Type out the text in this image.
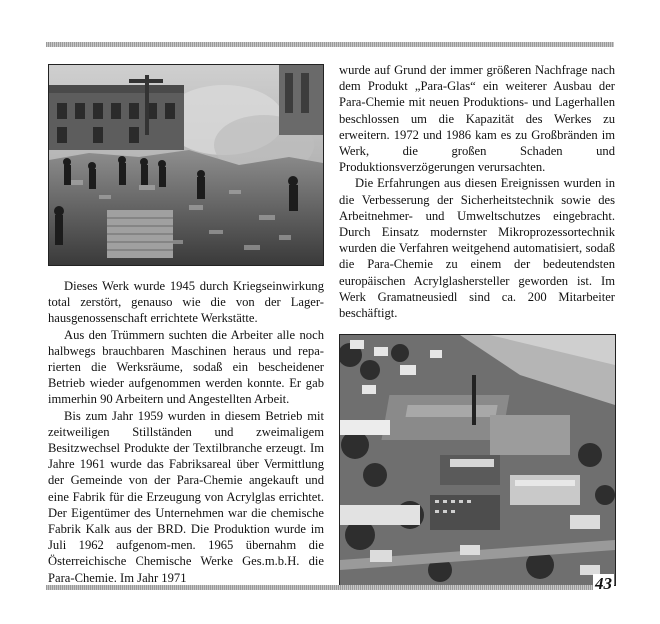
Dieses Werk wurde 1945 durch Kriegseinwirkung total zerstört, genauso wie die von der Lager-hausgenossenschaft errichtete Werkstätte.

Aus den Trümmern suchten die Arbeiter alle noch halbwegs brauchbaren Maschinen heraus und repa-rierten die Werksräume, sodaß ein bescheidener Betrieb wieder aufgenommen werden konnte. Er gab immerhin 90 Arbeitern und Angestellten Arbeit.

Bis zum Jahr 1959 wurden in diesem Betrieb mit zeitweiligen Stillständen und zweimaligem Besitzwechsel Produkte der Textilbranche erzeugt. Im Jahre 1961 wurde das Fabriksareal über Vermittlung der Gemeinde von der Para-Chemie angekauft und eine Fabrik für die Erzeugung von Acrylglas errichtet. Der Eigentümer des Unternehmen war die chemische Fabrik Kalk aus der BRD. Die Produktion wurde im Juli 1962 aufgenom-men. 1965 übernahm die Österreichische Chemische Werke Ges.m.b.H. die Para-Chemie. Im Jahr 1971

wurde auf Grund der immer größeren Nachfrage nach dem Produkt „Para-Glas“ ein weiterer Ausbau der Para-Chemie mit neuen Produktions- und Lagerhallen beschlossen um die Kapazität des Werkes zu erweitern. 1972 und 1986 kam es zu Großbränden im Werk, die großen Schaden und Produktionsverzögerungen verursachten.

Die Erfahrungen aus diesen Ereignissen wurden in die Verbesserung der Sicherheitstechnik sowie des Arbeitnehmer- und Umweltschutzes eingebracht. Durch Einsatz modernster Mikroprozessortechnik wurden die Verfahren weitgehend automatisiert, sodaß die Para-Chemie zu einem der bedeutendsten europäischen Acrylglashersteller geworden ist. Im Werk Gramatneusiedl sind ca. 200 Mitarbeiter beschäftigt.

43
